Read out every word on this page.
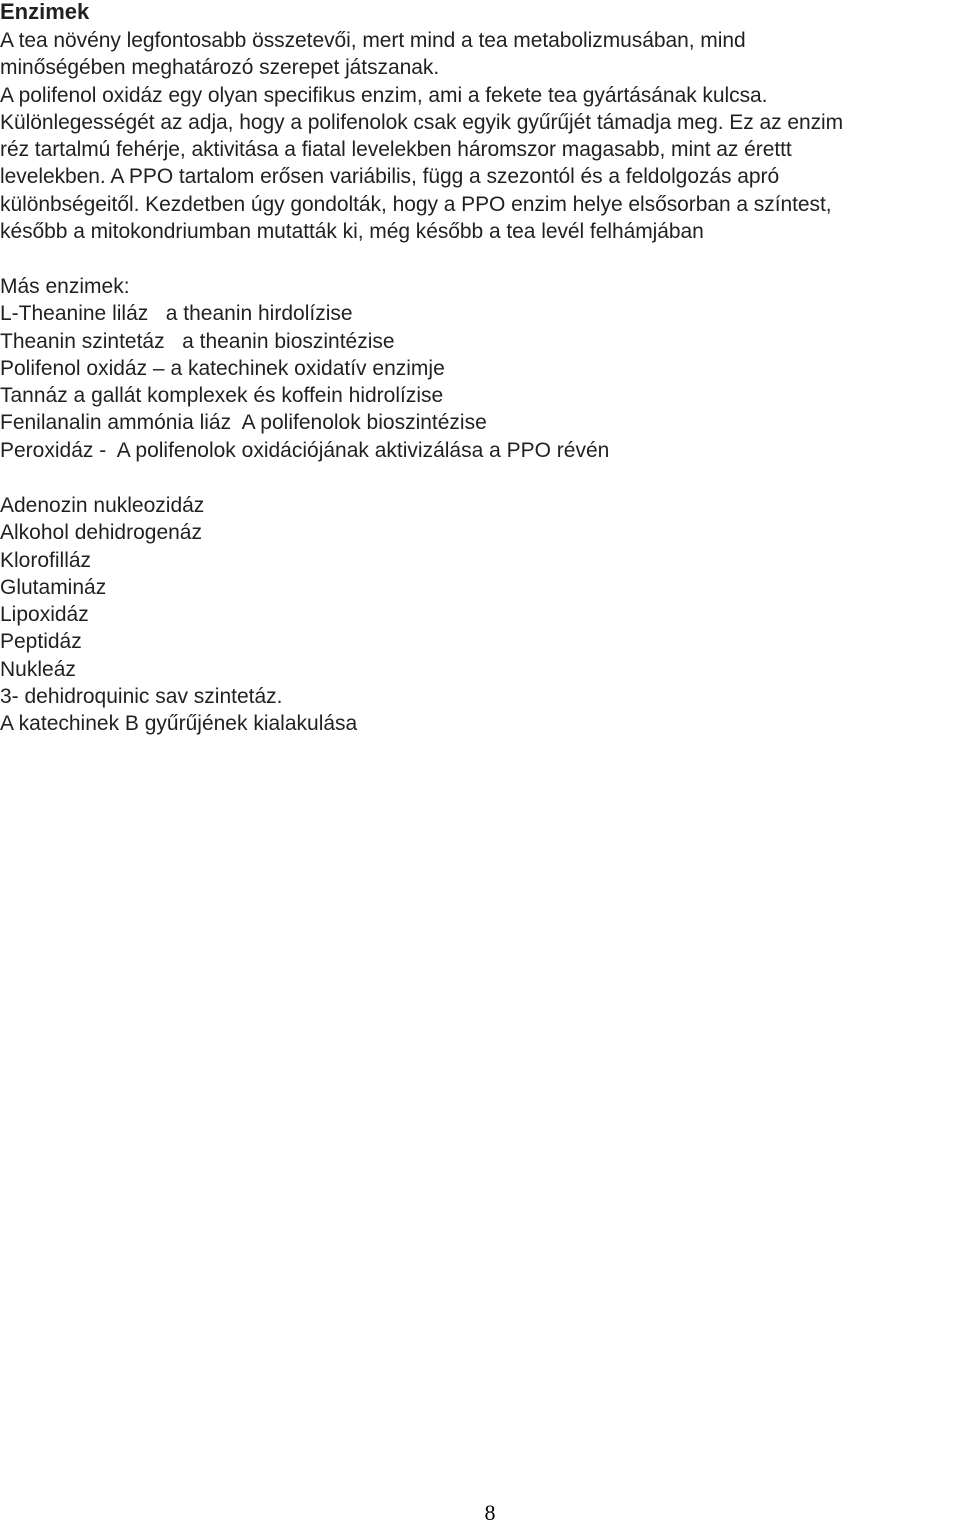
Enzimek
A tea növény legfontosabb összetevői, mert mind a tea metabolizmusában, mind
minőségében meghatározó szerepet játszanak.
A polifenol oxidáz egy olyan specifikus enzim, ami a fekete tea gyártásának kulcsa.
Különlegességét az adja, hogy a polifenolok csak egyik gyűrűjét támadja meg. Ez az enzim
réz tartalmú fehérje, aktivitása a fiatal levelekben háromszor magasabb, mint az érettt
levelekben. A PPO tartalom erősen variábilis, függ a szezontól és a feldolgozás apró
különbségeitől. Kezdetben úgy gondolták, hogy a PPO enzim helye elsősorban a színtest,
később a mitokondriumban mutatták ki, még később a tea levél felhámjában
Más enzimek:
L-Theanine liláz   a theanin hirdolízise
Theanin szintetáz   a theanin bioszintézise
Polifenol oxidáz – a katechinek oxidatív enzimje
Tannáz a gallát komplexek és koffein hidrolízise
Fenilanalin ammónia liáz  A polifenolok bioszintézise
Peroxidáz -  A polifenolok oxidációjának aktivizálása a PPO révén
Adenozin nukleozidáz
Alkohol dehidrogenáz
Klorofilláz
Glutamináz
Lipoxidáz
Peptidáz
Nukleáz
3- dehidroquinic sav szintetáz.
A katechinek B gyűrűjének kialakulása
8
